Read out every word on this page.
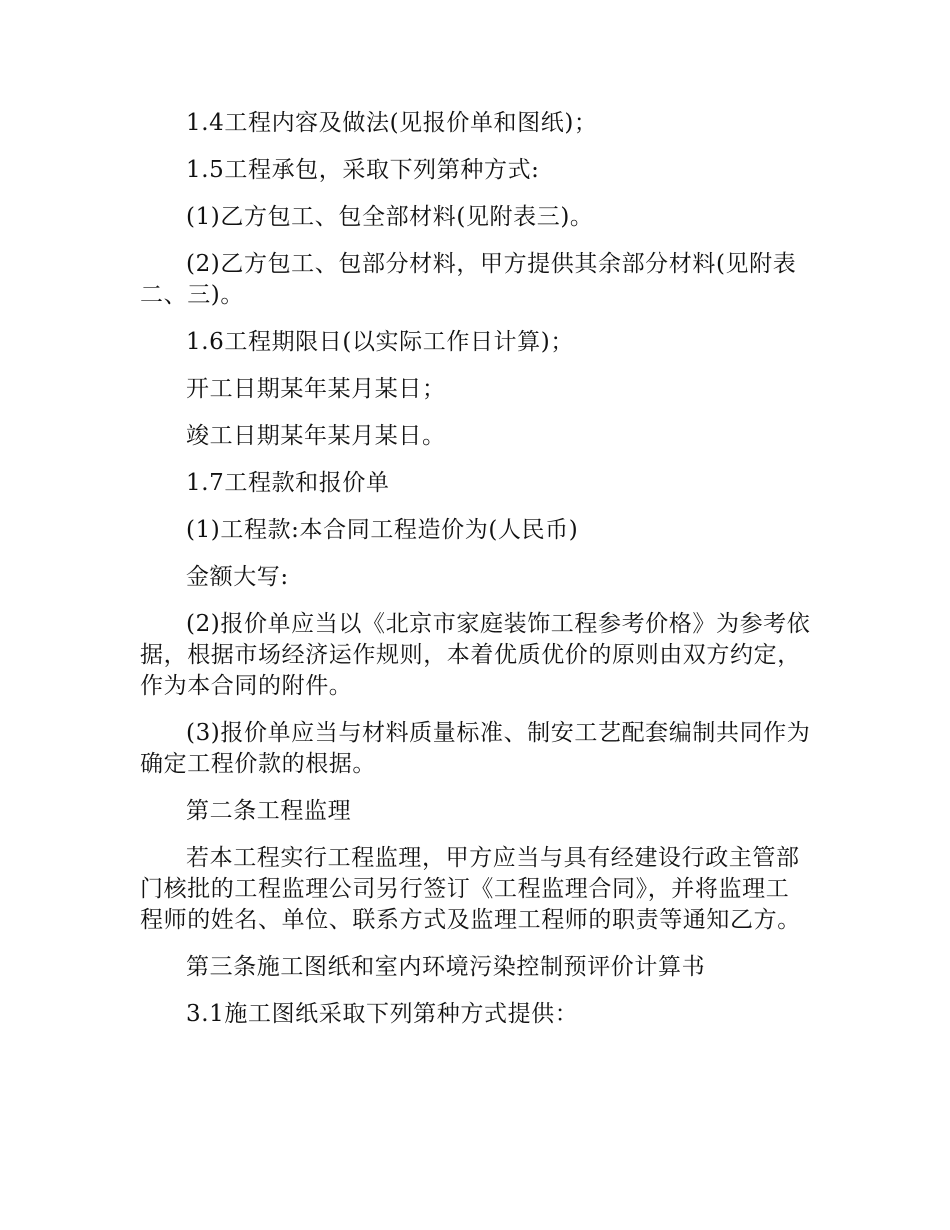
1.4工程内容及做法(见报价单和图纸)；

1.5工程承包，采取下列第种方式:

(1)乙方包工、包全部材料(见附表三)。

(2)乙方包工、包部分材料，甲方提供其余部分材料(见附表二、三)。

1.6工程期限日(以实际工作日计算)；

开工日期某年某月某日；

竣工日期某年某月某日。

1.7工程款和报价单

(1)工程款:本合同工程造价为(人民币)

金额大写:

(2)报价单应当以《北京市家庭装饰工程参考价格》为参考依据，根据市场经济运作规则，本着优质优价的原则由双方约定，作为本合同的附件。

(3)报价单应当与材料质量标准、制安工艺配套编制共同作为确定工程价款的根据。

第二条工程监理

若本工程实行工程监理，甲方应当与具有经建设行政主管部门核批的工程监理公司另行签订《工程监理合同》，并将监理工程师的姓名、单位、联系方式及监理工程师的职责等通知乙方。

第三条施工图纸和室内环境污染控制预评价计算书

3.1施工图纸采取下列第种方式提供：
